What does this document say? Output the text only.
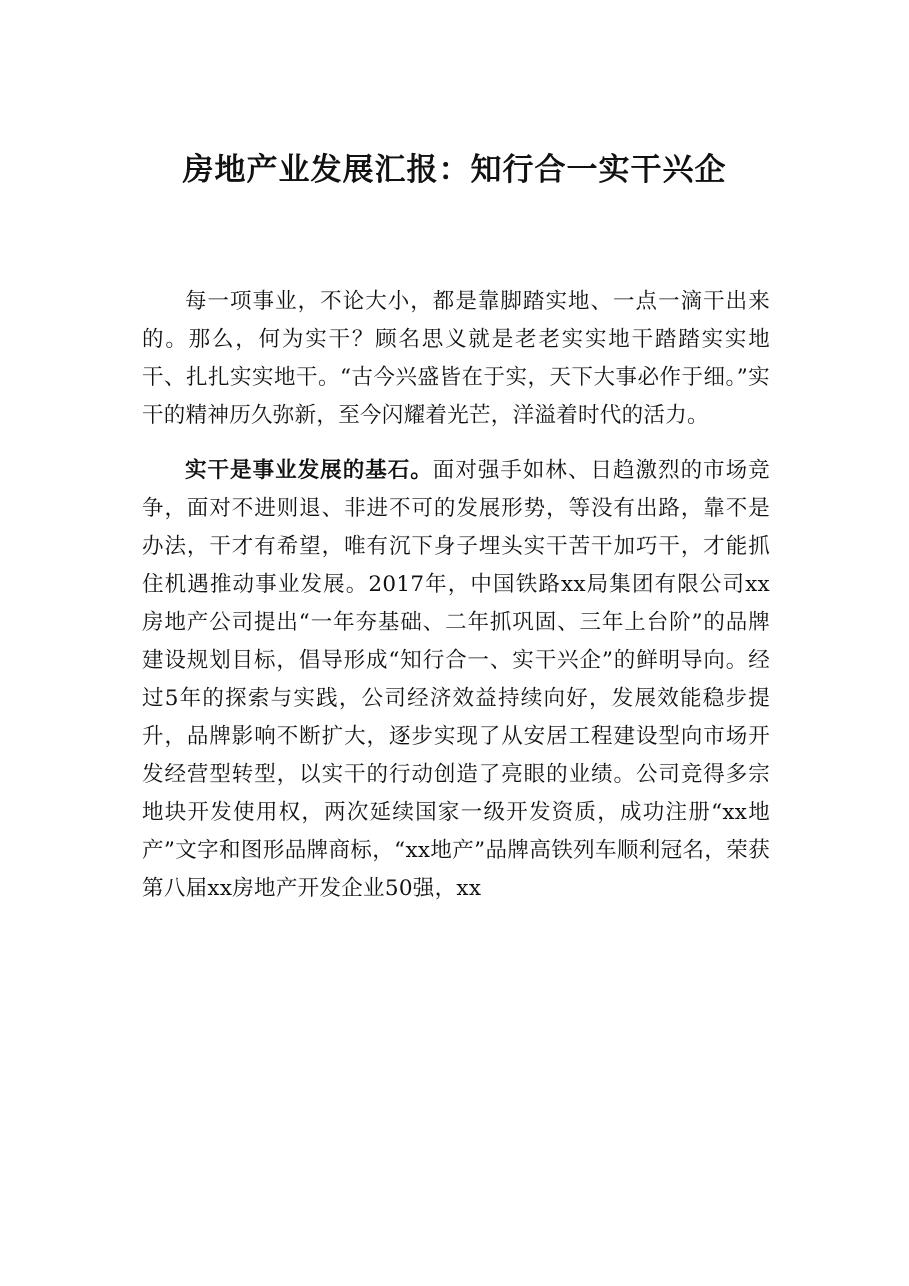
房地产业发展汇报：知行合一实干兴企

每一项事业，不论大小，都是靠脚踏实地、一点一滴干出来的。那么，何为实干？顾名思义就是老老实实地干踏踏实实地干、扎扎实实地干。“古今兴盛皆在于实，天下大事必作于细。”实干的精神历久弥新，至今闪耀着光芒，洋溢着时代的活力。

实干是事业发展的基石。面对强手如林、日趋激烈的市场竞争，面对不进则退、非进不可的发展形势，等没有出路，靠不是办法，干才有希望，唯有沉下身子埋头实干苦干加巧干，才能抓住机遇推动事业发展。2017年，中国铁路xx局集团有限公司xx房地产公司提出“一年夯基础、二年抓巩固、三年上台阶”的品牌建设规划目标，倡导形成“知行合一、实干兴企”的鲜明导向。经过5年的探索与实践，公司经济效益持续向好，发展效能稳步提升，品牌影响不断扩大，逐步实现了从安居工程建设型向市场开发经营型转型，以实干的行动创造了亮眼的业绩。公司竞得多宗地块开发使用权，两次延续国家一级开发资质，成功注册“xx地产”文字和图形品牌商标，“xx地产”品牌高铁列车顺利冠名，荣获第八届xx房地产开发企业50强，xx
